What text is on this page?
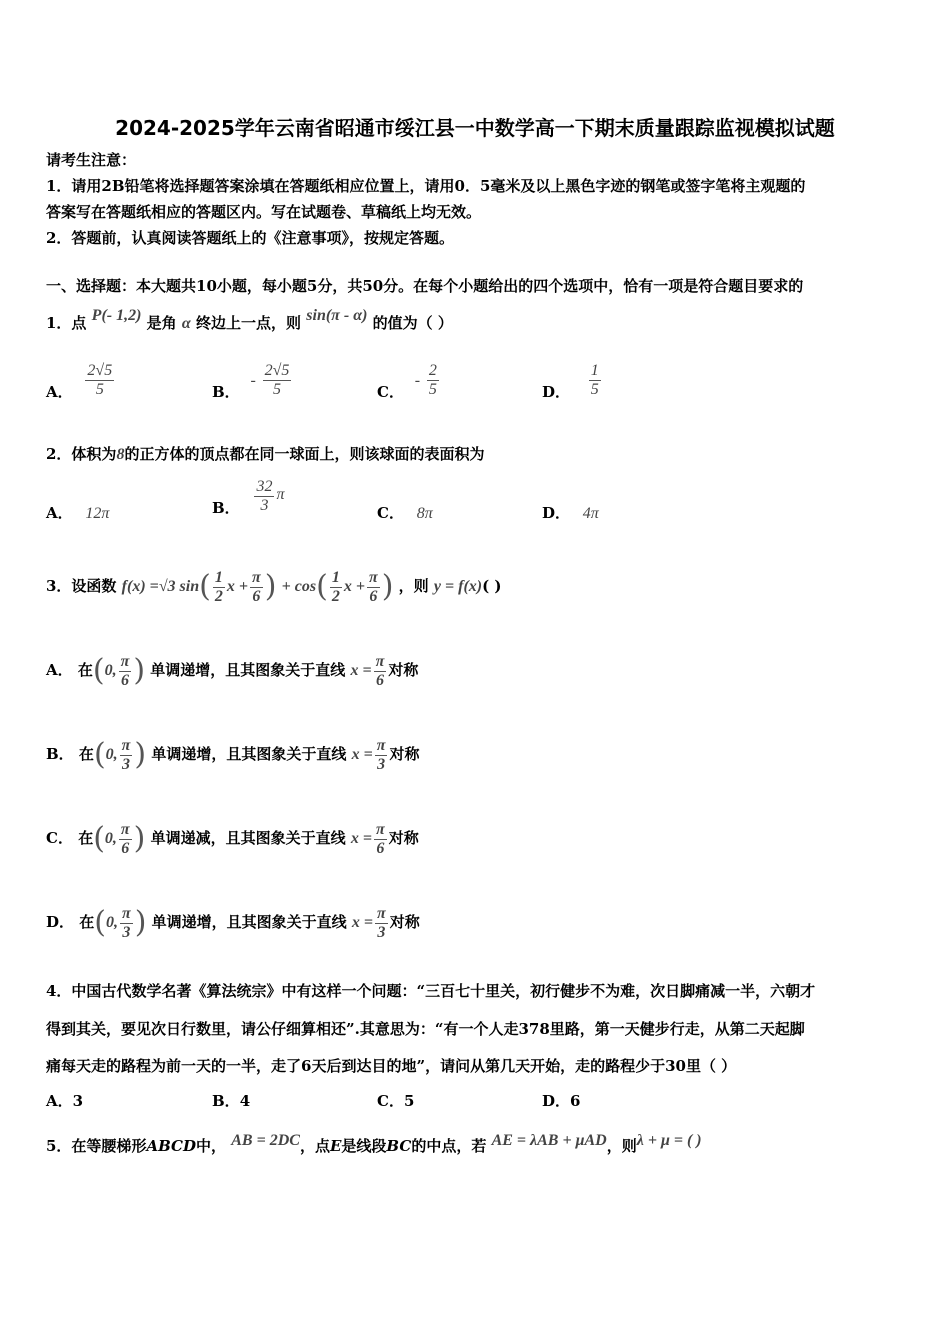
2024-2025学年云南省昭通市绥江县一中数学高一下期末质量跟踪监视模拟试题
请考生注意：
1．请用2B铅笔将选择题答案涂填在答题纸相应位置上，请用0．5毫米及以上黑色字迹的钢笔或签字笔将主观题的
答案写在答题纸相应的答题区内。写在试题卷、草稿纸上均无效。
2．答题前，认真阅读答题纸上的《注意事项》，按规定答题。
一、选择题：本大题共10小题，每小题5分，共50分。在每个小题给出的四个选项中，恰有一项是符合题目要求的
1．点 P(- 1,2) 是角 α 终边上一点，则 sin(π - α) 的值为（ ）
A． $\frac{2√5}{5}$	B． - $\frac{2√5}{5}$	C． - $\frac{2}{5}$	D． $\frac{1}{5}$
2．体积为8的正方体的顶点都在同一球面上，则该球面的表面积为
A． 12π	B． $\frac{32}{3}$ π
C． 8π	D． 4π
3．设函数 f(x) =√3 $\sin( \frac{1}{2}$ $x + \frac{\pi}{6}$ ) + $\cos( \frac{1}{2}$ $x + \frac{\pi}{6}$ ) ，则 y = f(x)( )
A． 在(0, $\frac{\pi}{6}$ ) 单调递增，且其图象关于直线 $x = \frac{\pi}{6}$ 对称
B． 在(0, $\frac{\pi}{3}$ ) 单调递增，且其图象关于直线 $x = \frac{\pi}{3}$ 对称
C． 在(0, $\frac{\pi}{6}$ ) 单调递减，且其图象关于直线 $x = \frac{\pi}{6}$ 对称
D． 在(0, $\frac{\pi}{3}$ ) 单调递增，且其图象关于直线 $x = \frac{\pi}{3}$ 对称
4．中国古代数学名著《算法统宗》中有这样一个问题：“三百七十里关，初行健步不为难，次日脚痛减一半，六朝才
得到其关，要见次日行数里，请公仔细算相还”.其意思为：“有一个人走378里路，第一天健步行走，从第二天起脚
痛每天走的路程为前一天的一半，走了6天后到达目的地”，请问从第几天开始，走的路程少于30里（ ）
A．3	B．4	C．5	D．6
5．在等腰梯形ABCD中， AB = 2DC，点E是线段BC的中点，若 AE = λAB + μAD，则λ + μ = ( )
